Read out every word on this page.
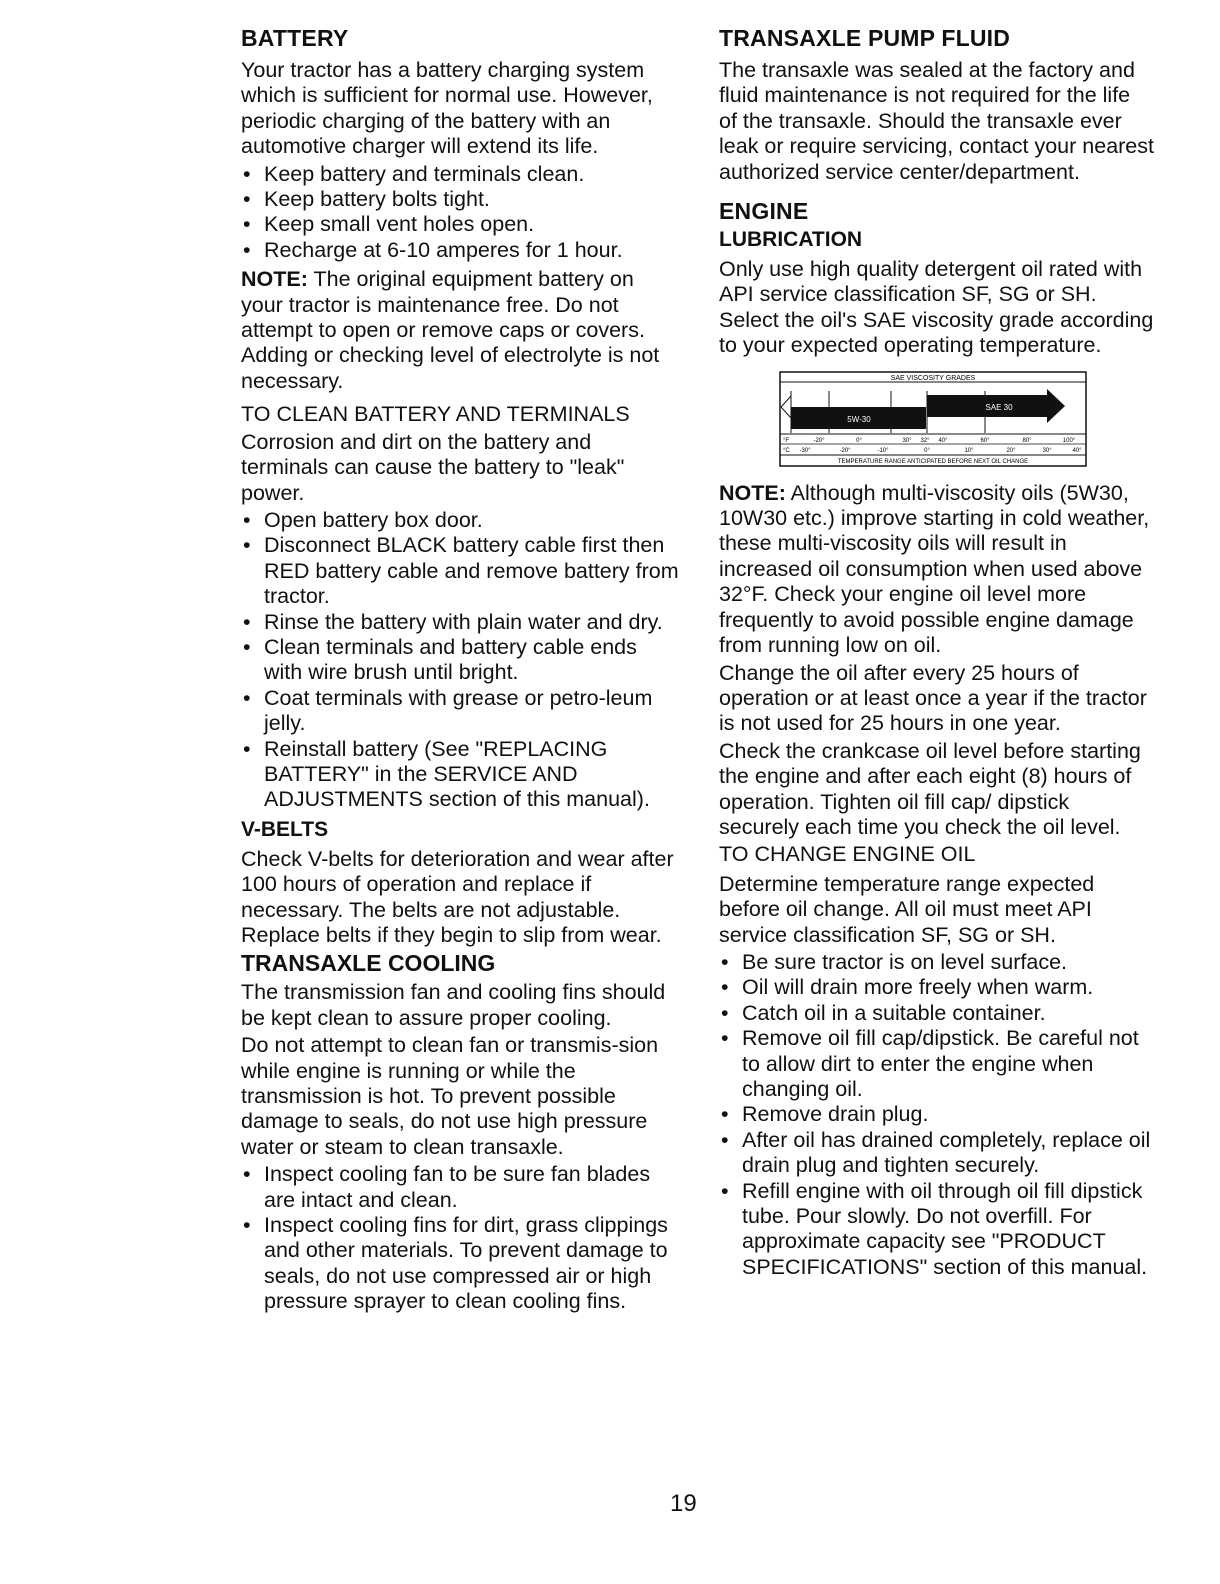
BATTERY

Your tractor has a battery charging system which is sufficient for normal use. However, periodic charging of the battery with an automotive charger will extend its life.

• Keep battery and terminals clean.
• Keep battery bolts tight.
• Keep small vent holes open.
• Recharge at 6-10 amperes for 1 hour.

NOTE: The original equipment battery on your tractor is maintenance free. Do not attempt to open or remove caps or covers. Adding or checking level of electrolyte is not necessary.

TO CLEAN BATTERY AND TERMINALS

Corrosion and dirt on the battery and terminals can cause the battery to "leak" power.

• Open battery box door.
• Disconnect BLACK battery cable first then RED battery cable and remove battery from tractor.
• Rinse the battery with plain water and dry.
• Clean terminals and battery cable ends with wire brush until bright.
• Coat terminals with grease or petro-leum jelly.
• Reinstall battery (See "REPLACING BATTERY" in the SERVICE AND ADJUSTMENTS section of this manual).
V-BELTS

Check V-belts for deterioration and wear after 100 hours of operation and replace if necessary. The belts are not adjustable. Replace belts if they begin to slip from wear.

TRANSAXLE COOLING

The transmission fan and cooling fins should be kept clean to assure proper cooling.

Do not attempt to clean fan or transmis-sion while engine is running or while the transmission is hot. To prevent possible damage to seals, do not use high pressure water or steam to clean transaxle.

• Inspect cooling fan to be sure fan blades are intact and clean.
• Inspect cooling fins for dirt, grass clippings and other materials. To prevent damage to seals, do not use compressed air or high pressure sprayer to clean cooling fins.
TRANSAXLE PUMP FLUID

The transaxle was sealed at the factory and fluid maintenance is not required for the life of the transaxle. Should the transaxle ever leak or require servicing, contact your nearest authorized service center/department.

ENGINE
LUBRICATION

Only use high quality detergent oil rated with API service classification SF, SG or SH. Select the oil's SAE viscosity grade according to your expected operating temperature.

SAE VISCOSITY GRADES
5W-30
SAE 30
°F	-20°	0°	30° 32° 40°	60°	80°	100°
°C -30°	-20°	-10°	0°	10°	20°	30°	40°
TEMPERATURE RANGE ANTICIPATED BEFORE NEXT OIL CHANGE

NOTE: Although multi-viscosity oils (5W30, 10W30 etc.) improve starting in cold weather, these multi-viscosity oils will result in increased oil consumption when used above 32°F. Check your engine oil level more frequently to avoid possible engine damage from running low on oil.

Change the oil after every 25 hours of operation or at least once a year if the tractor is not used for 25 hours in one year.

Check the crankcase oil level before starting the engine and after each eight (8) hours of operation. Tighten oil fill cap/ dipstick securely each time you check the oil level.

TO CHANGE ENGINE OIL

Determine temperature range expected before oil change. All oil must meet API service classification SF, SG or SH.

• Be sure tractor is on level surface.
• Oil will drain more freely when warm.
• Catch oil in a suitable container.
• Remove oil fill cap/dipstick. Be careful not to allow dirt to enter the engine when changing oil.
• Remove drain plug.
• After oil has drained completely, replace oil drain plug and tighten securely.
• Refill engine with oil through oil fill dipstick tube. Pour slowly. Do not overfill. For approximate capacity see "PRODUCT SPECIFICATIONS" section of this manual.
19
